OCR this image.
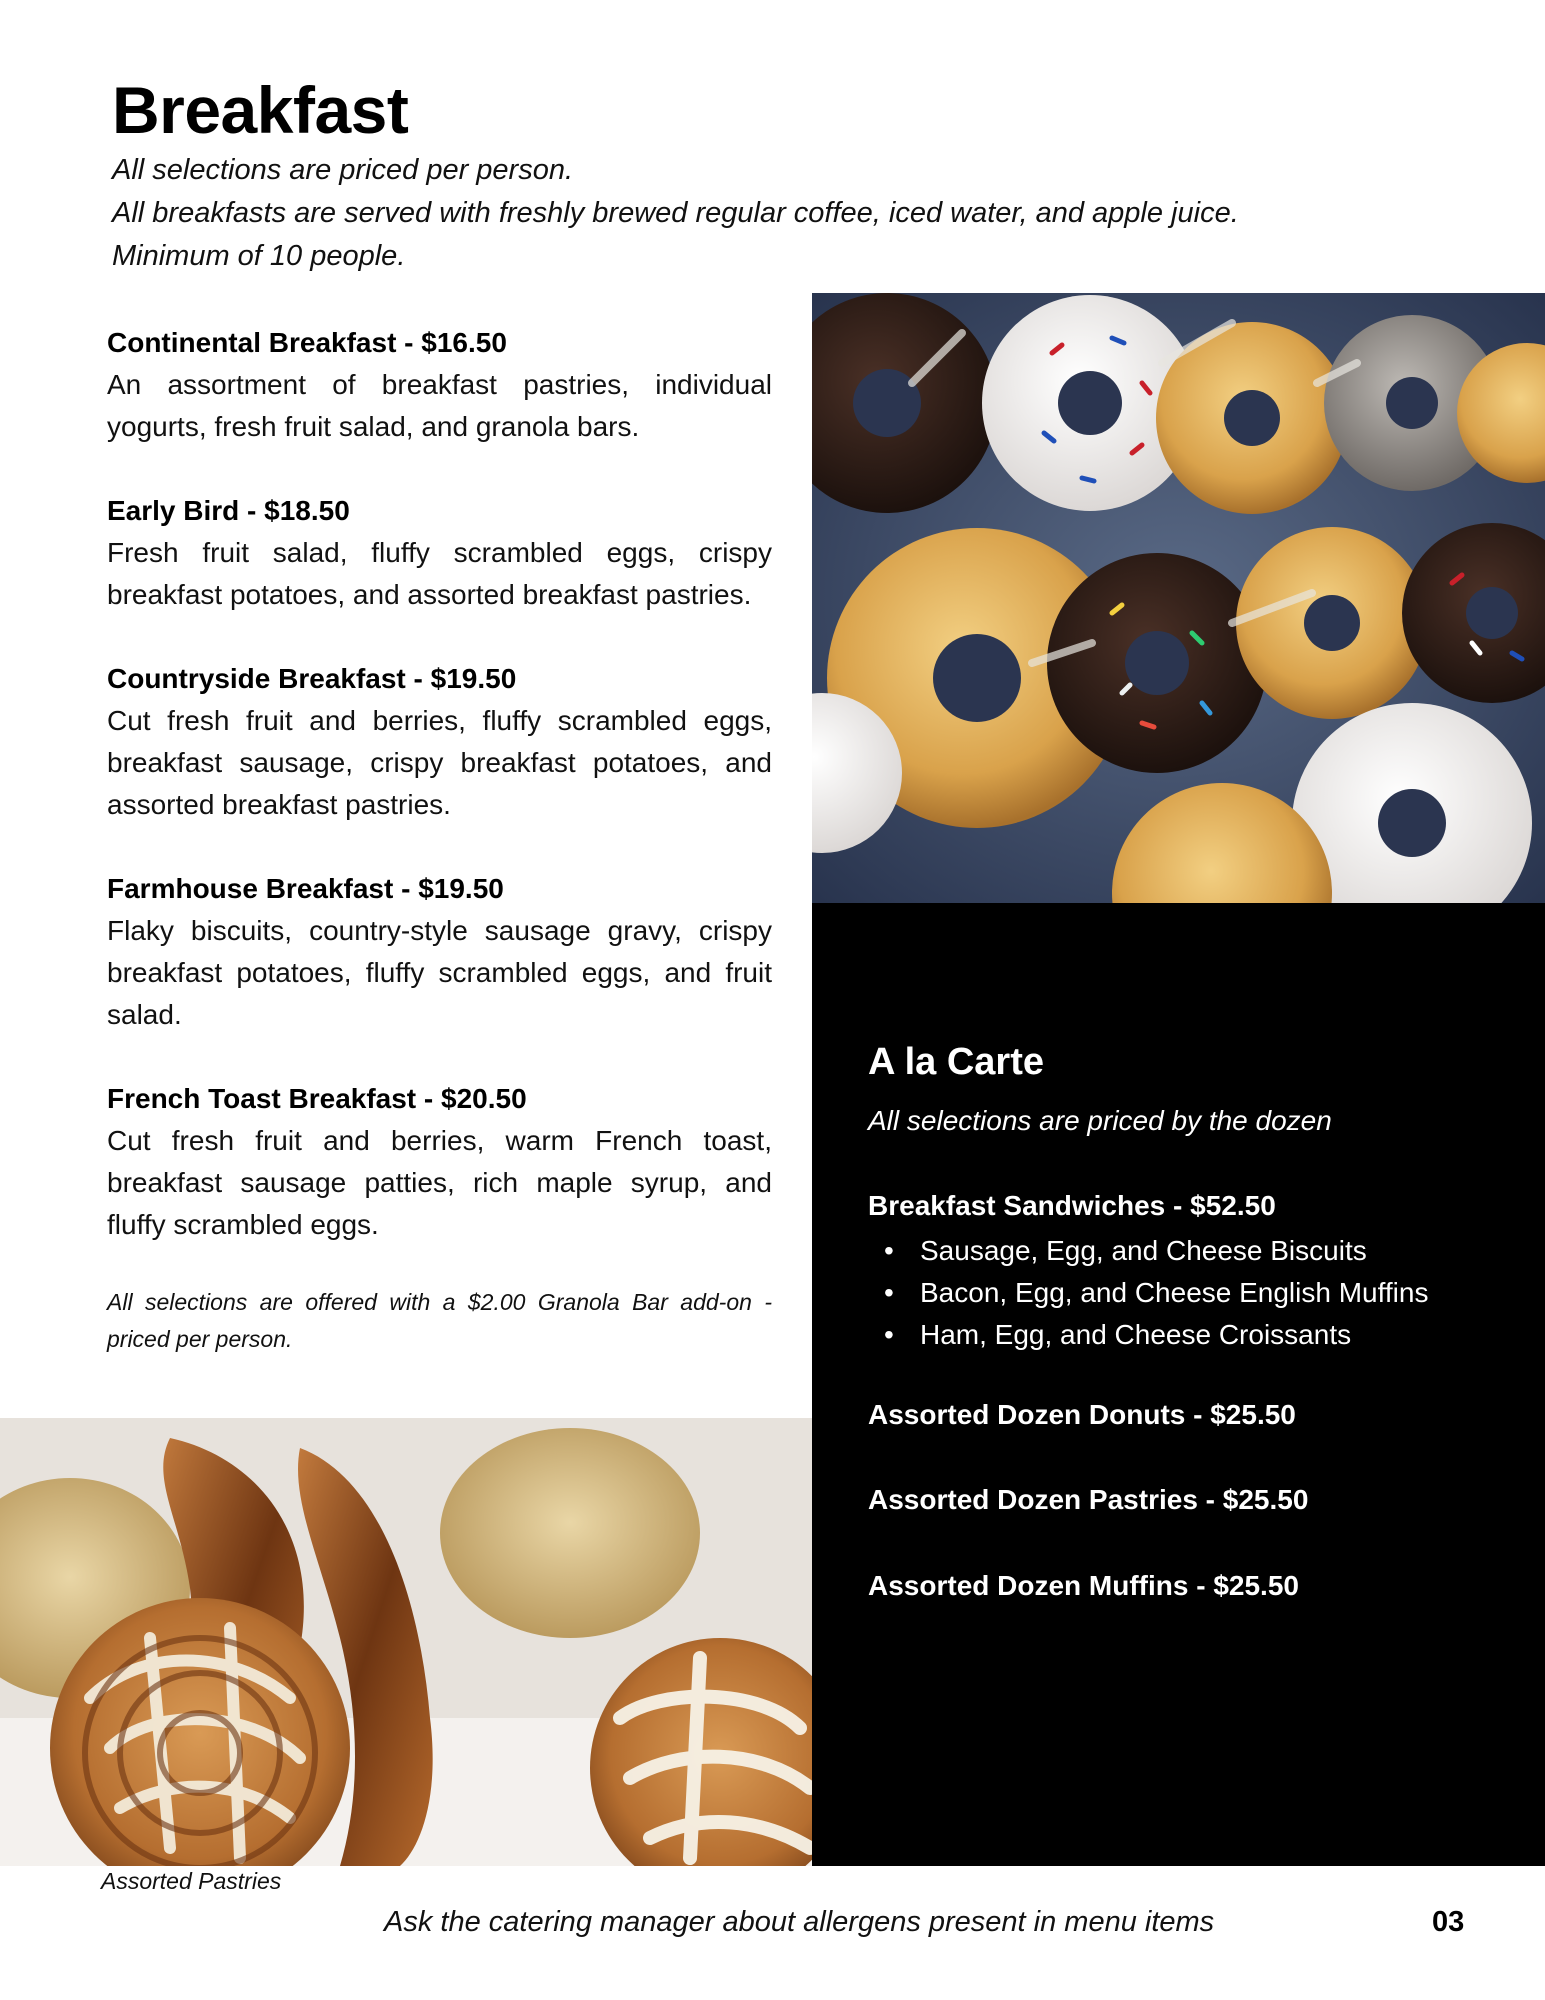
Breakfast
All selections are priced per person.
All breakfasts are served with freshly brewed regular coffee, iced water, and apple juice.
Minimum of 10 people.
Continental Breakfast - $16.50
An assortment of breakfast pastries, individual yogurts, fresh fruit salad, and granola bars.
Early Bird - $18.50
Fresh fruit salad, fluffy scrambled eggs, crispy breakfast potatoes, and assorted breakfast pastries.
Countryside Breakfast - $19.50
Cut fresh fruit and berries, fluffy scrambled eggs, breakfast sausage, crispy breakfast potatoes, and assorted breakfast pastries.
Farmhouse Breakfast - $19.50
Flaky biscuits, country-style sausage gravy, crispy breakfast potatoes, fluffy scrambled eggs, and fruit salad.
French Toast Breakfast - $20.50
Cut fresh fruit and berries, warm French toast, breakfast sausage patties, rich maple syrup, and fluffy scrambled eggs.
All selections are offered with a $2.00 Granola Bar add-on - priced per person.
A la Carte
All selections are priced by the dozen
Breakfast Sandwiches - $52.50
• Sausage, Egg, and Cheese Biscuits
• Bacon, Egg, and Cheese English Muffins
• Ham, Egg, and Cheese Croissants
Assorted Dozen Donuts - $25.50
Assorted Dozen Pastries - $25.50
Assorted Dozen Muffins - $25.50
Assorted Pastries
Ask the catering manager about allergens present in menu items	03
